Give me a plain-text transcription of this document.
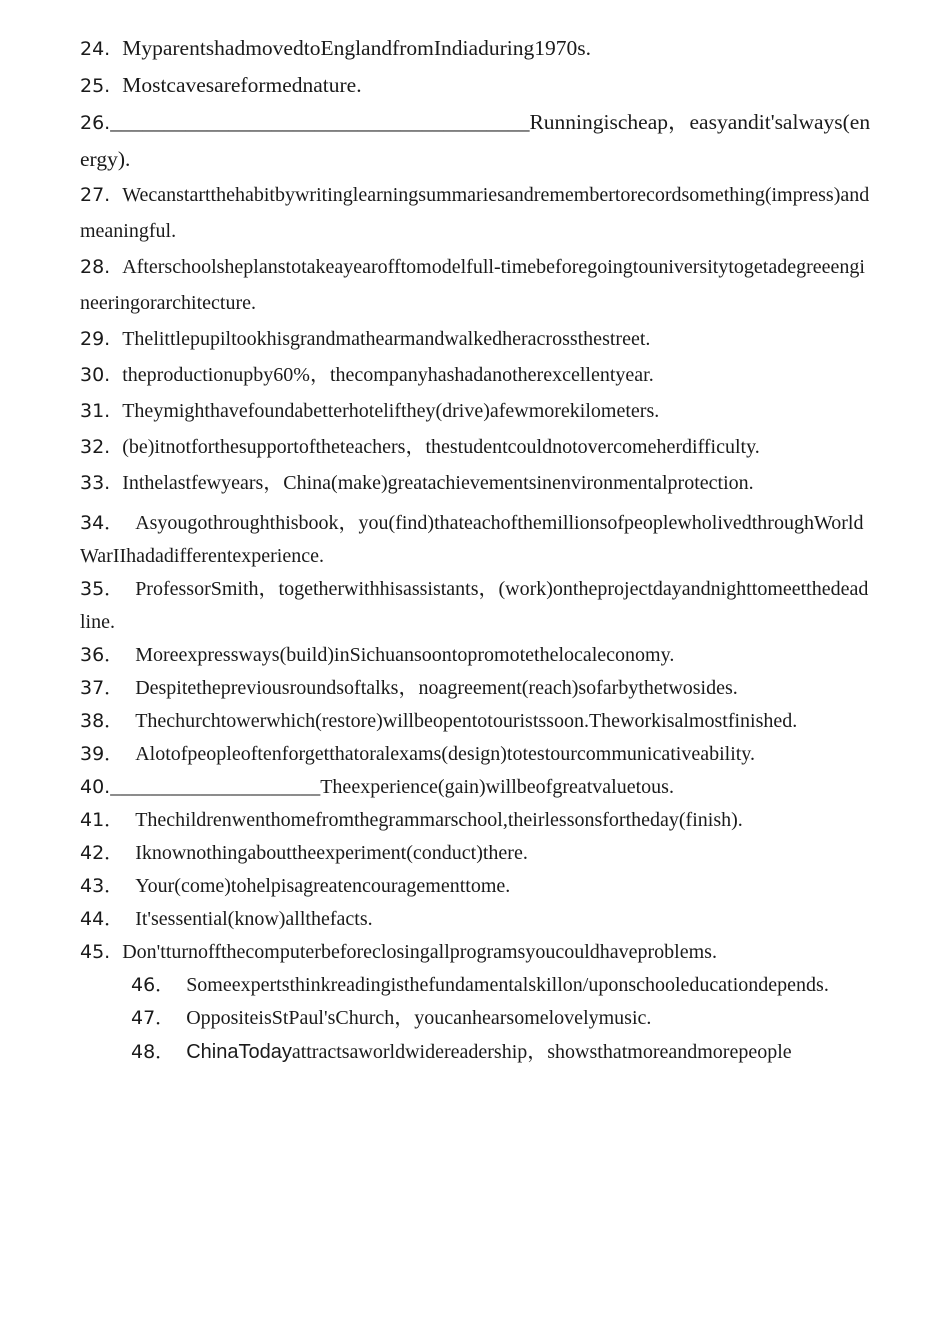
24. MyparentshadmovedtoEnglandfromIndiaduring1970s.

25. Mostcavesareformednature.

26._______________________________________Runningischeap，easyandit'salways(energy).

27. Wecanstartthehabitbywritinglearningsummariesandremembertorecordsomething(impress)andmeaningful.

28. Afterschoolsheplanstotakeayearofftomodelfull-timebeforegoingtouniversitytogetadegreeengineeringorarchitecture.

29. Thelittlepupiltookhisgrandmathearmandwalkedheracrossthestreet.

30. theproductionupby60%，thecompanyhashadanotherexcellentyear.

31. Theymighthavefoundabetterhotelifthey(drive)afewmorekilometers.

32. (be)itnotforthesupportoftheteachers，thestudentcouldnotovercomeherdifficulty.

33. Inthelastfewyears，China(make)greatachievementsinenvironmentalprotection.

34． Asyougothroughthisbook，you(find)thateachofthemillionsofpeoplewholivedthroughWorldWarIIhadadifferentexperience.

35． ProfessorSmith，togetherwithhisassistants，(work)ontheprojectdayandnighttomeetthedeadline.

36． Moreexpressways(build)inSichuansoontopromotethelocaleconomy.

37． Despitethepreviousroundsoftalks，noagreement(reach)sofarbythetwosides.

38． Thechurchtowerwhich(restore)willbeopentotouristssoon.Theworkisalmostfinished.

39． Alotofpeopleoftenforgetthatoralexams(design)totestourcommunicativeability.

40._____________________Theexperience(gain)willbeofgreatvaluetous.

41． Thechildrenwenthomefromthegrammarschool,theirlessonsfortheday(finish).

42． Iknownothingabouttheexperiment(conduct)there.

43． Your(come)tohelpisagreatencouragementtome.

44． It'sessential(know)allthefacts.

45. Don'tturnoffthecomputerbeforeclosingallprogramsyoucouldhaveproblems.

46． Someexpertsthinkreadingisthefundamentalskillon/uponschooleducationdepends.

47． OppositeisStPaul'sChurch，youcanhearsomelovelymusic.

48． ChinaTodayattractsaworldwidereadership，showsthatmoreandmorepeople
